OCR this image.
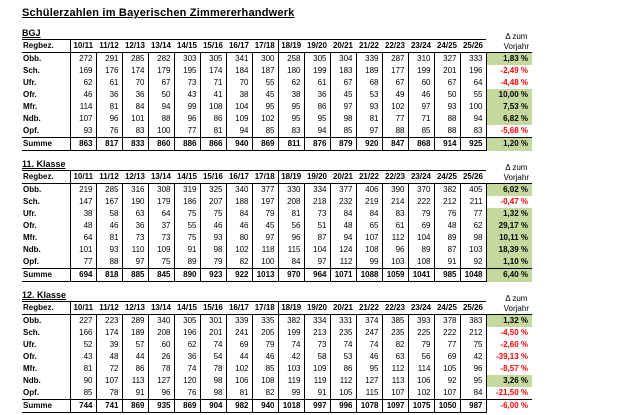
Schülerzahlen im Bayerischen Zimmererhandwerk
BGJ
Regbez.	10/11	11/12	12/13	13/14	14/15	15/16	16/17	17/18	18/19	19/20	20/21	21/22	22/23	23/24	24/25	25/26	Δ zum
Vorjahr

Obb.	272	291	285	282	303	305	341	300	258	305	304	339	287	310	327	333	1,83 %
Sch.	169	176	174	179	195	174	184	187	180	199	183	189	177	199	201	196	-2,49 %
Ufr.	62	61	70	67	73	71	70	55	62	61	67	68	67	60	67	64	-4,48 %
Ofr.	46	36	36	50	43	41	38	45	38	36	45	53	49	46	50	55	10,00 %
Mfr.	114	81	84	94	99	108	104	95	95	86	97	93	102	97	93	100	7,53 %
Ndb.	107	96	101	88	96	86	109	102	95	95	98	81	77	71	88	94	6,82 %
Opf.	93	76	83	100	77	81	94	85	83	94	85	97	88	85	88	83	-5,68 %
Summe	863	817	833	860	886	866	940	869	811	876	879	920	847	868	914	925	1,20 %
11. Klasse
Regbez.	10/11	11/12	12/13	13/14	14/15	15/16	16/17	17/18	18/19	19/20	20/21	21/22	22/23	23/24	24/25	25/26	Δ zum
Vorjahr

Obb.	219	285	316	308	319	325	340	377	330	334	377	406	390	370	382	405	6,02 %
Sch.	147	167	190	179	186	207	188	197	208	218	232	219	214	222	212	211	-0,47 %
Ufr.	38	58	63	64	75	75	84	79	81	73	84	84	83	79	76	77	1,32 %
Ofr.	48	46	36	37	55	46	46	45	56	51	48	65	61	69	48	62	29,17 %
Mfr.	64	81	73	73	75	93	80	97	96	87	94	107	112	104	89	98	10,11 %
Ndb.	101	93	110	109	91	98	102	118	115	104	124	108	96	89	87	103	18,39 %
Opf.	77	88	97	75	89	79	82	100	84	97	112	99	103	108	91	92	1,10 %
Summe	694	818	885	845	890	923	922	1013	970	964	1071	1088	1059	1041	985	1048	6,40 %
12. Klasse
Regbez.	10/11	11/12	12/13	13/14	14/15	15/16	16/17	17/18	18/19	19/20	20/21	21/22	22/23	23/24	24/25	25/26	Δ zum
Vorjahr

Obb.	227	223	289	340	305	301	339	335	382	334	331	374	385	393	378	383	1,32 %
Sch.	166	174	189	208	196	201	241	205	199	213	235	247	235	225	222	212	-4,50 %
Ufr.	52	39	57	60	62	74	69	79	74	73	74	74	82	79	77	75	-2,60 %
Ofr.	43	48	44	26	36	54	44	46	42	58	53	46	63	56	69	42	-39,13 %
Mfr.	81	72	86	78	74	78	102	85	103	109	86	95	112	114	105	96	-8,57 %
Ndb.	90	107	113	127	120	98	106	108	119	119	112	127	113	106	92	95	3,26 %
Opf.	85	78	91	96	76	98	81	82	99	91	105	115	107	102	107	84	-21,50 %
Summe	744	741	869	935	869	904	982	940	1018	997	996	1078	1097	1075	1050	987	-6,00 %
